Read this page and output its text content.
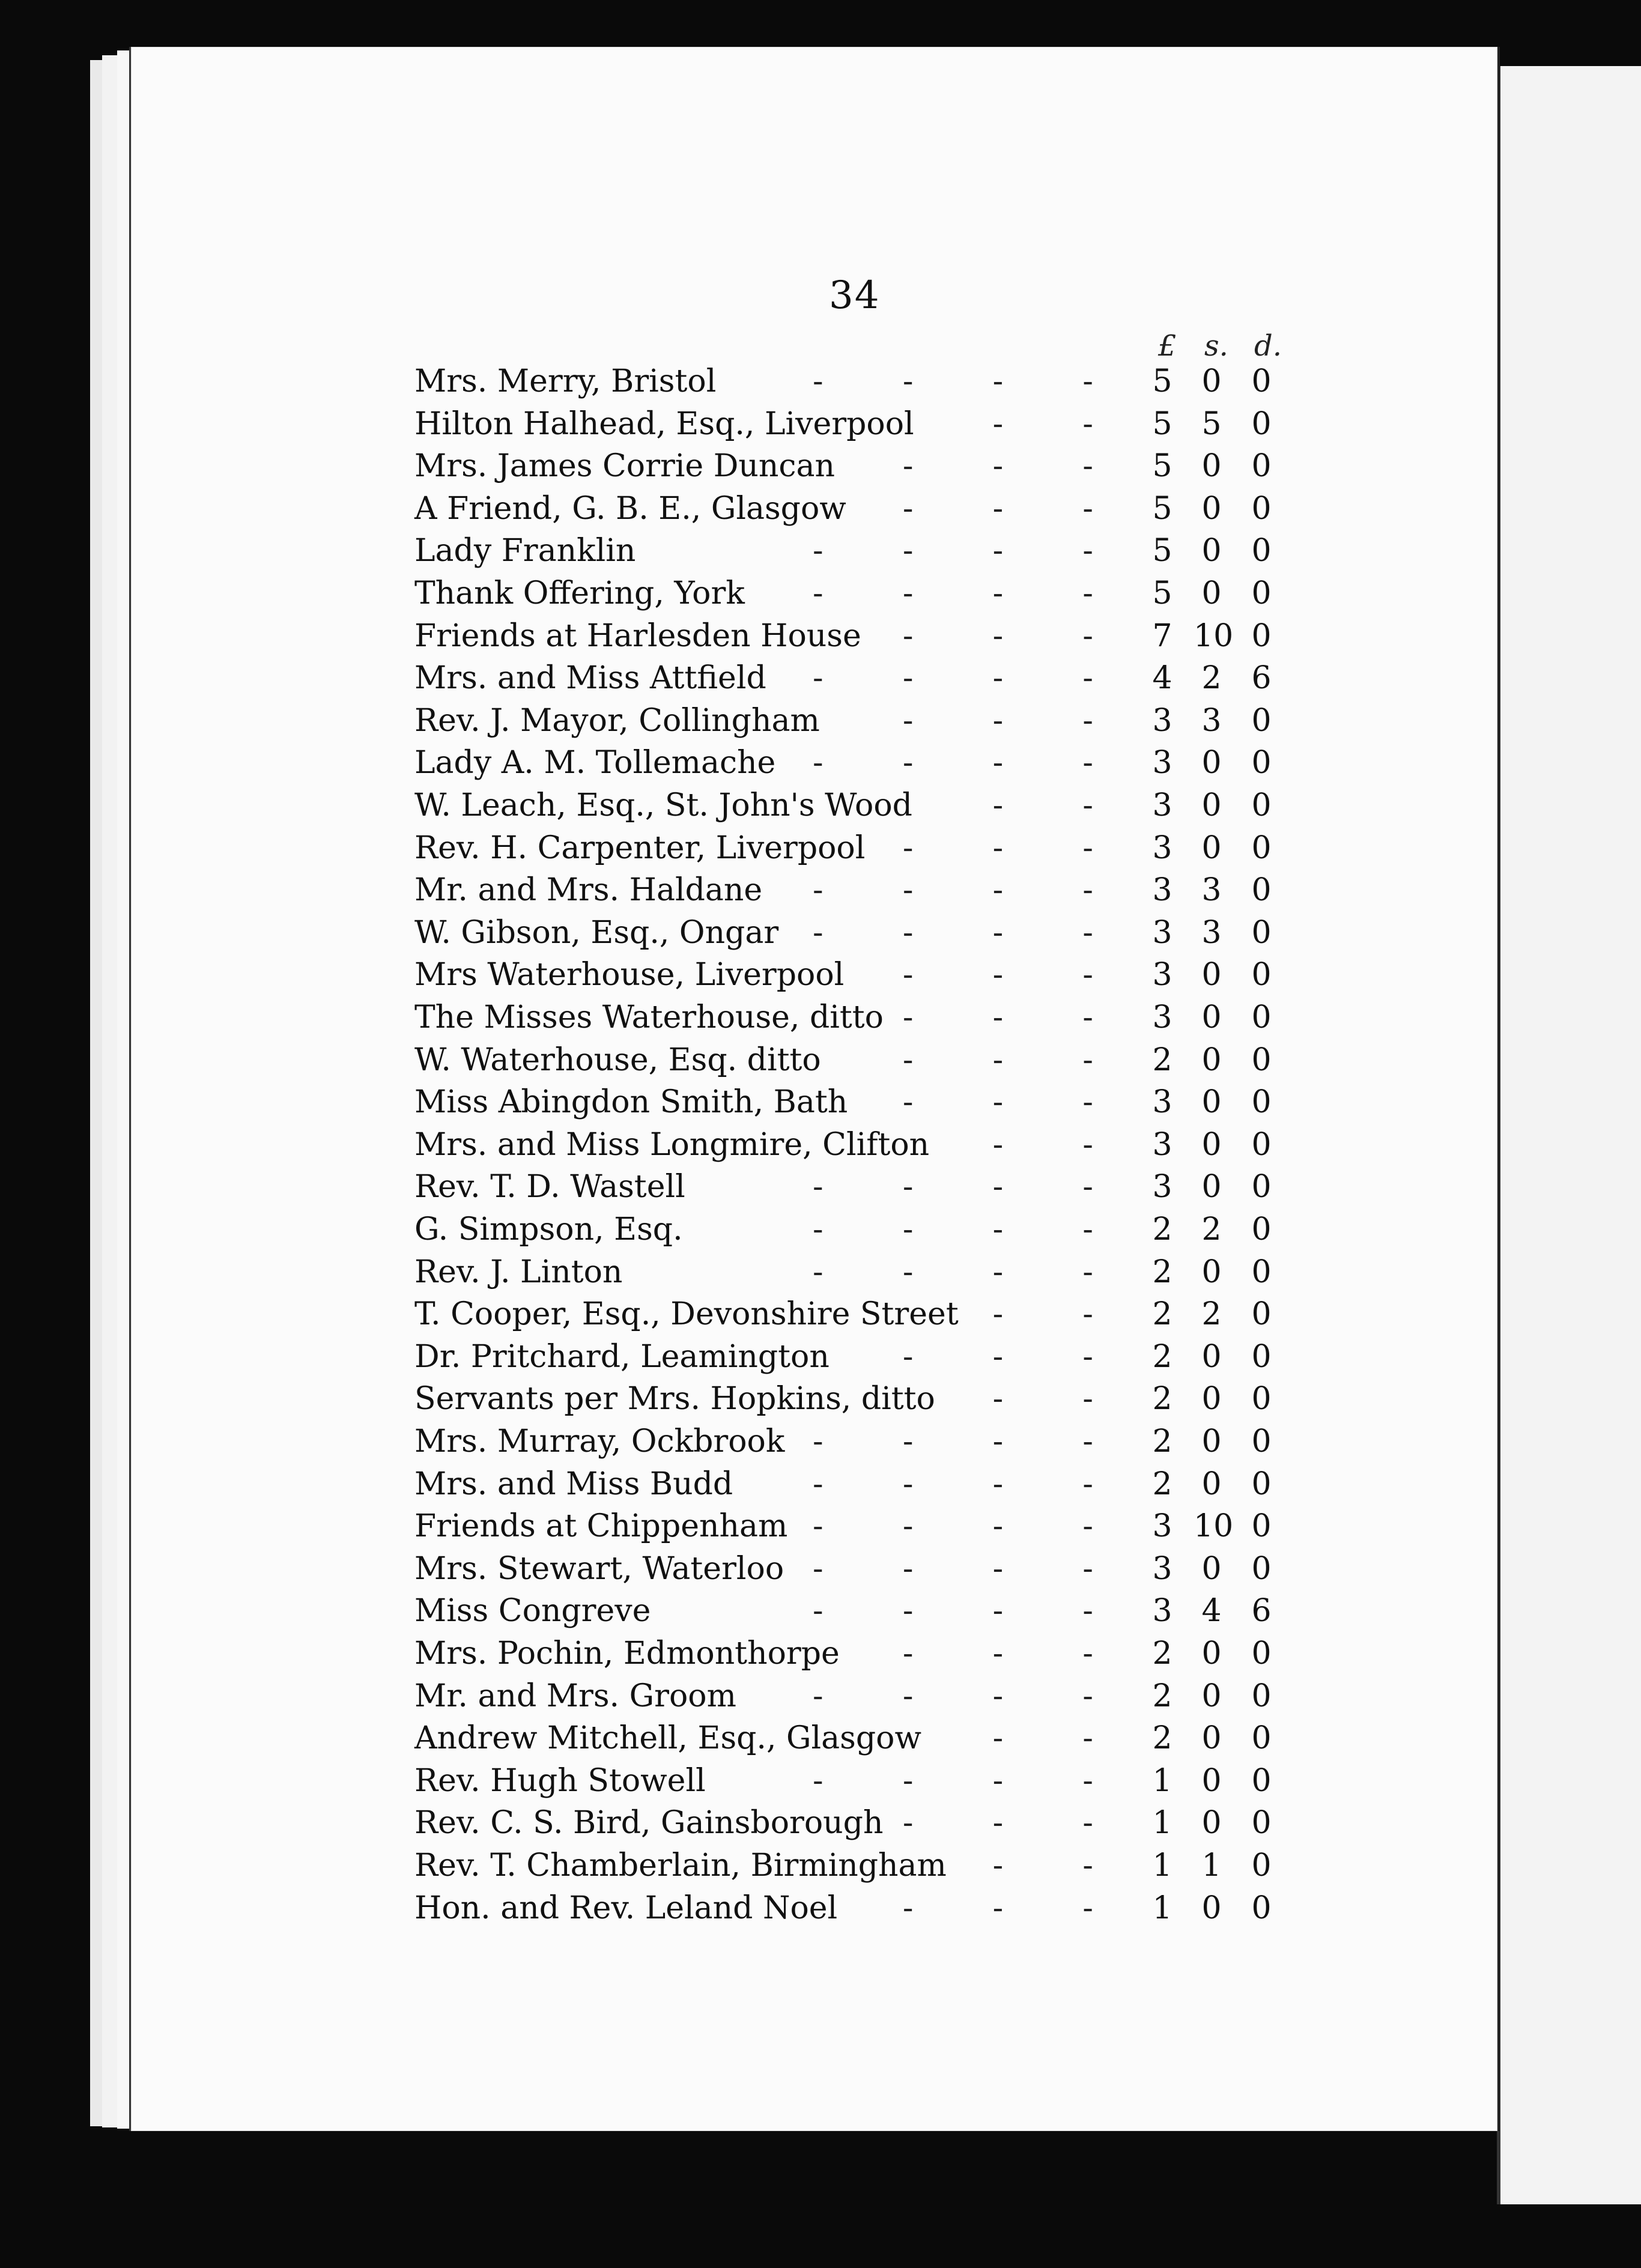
34
£ s. d.
-
Mrs. Merry, Bristol	5 0 0
-
Hilton Halhead, Esq., Liverpool	5 5 0
-
Mrs. James Corrie Duncan	5 0 0
-
A Friend, G. B. E., Glasgow	5 0 0
-
Lady Franklin	5 0 0
-
Thank Offering, York	5 0 0
-
Friends at Harlesden House	7 10 0
-
Mrs. and Miss Attfield	4 2 6
-
Rev. J. Mayor, Collingham	3 3 0
-
Lady A. M. Tollemache	3 0 0
-
W. Leach, Esq., St. John's Wood	3 0 0
-
Rev. H. Carpenter, Liverpool	3 0 0
-
Mr. and Mrs. Haldane	3 3 0
-
W. Gibson, Esq., Ongar	3 3 0
-
Mrs Waterhouse, Liverpool	3 0 0
-
The Misses Waterhouse, ditto	3 0 0
-
W. Waterhouse, Esq. ditto	2 0 0
-
Miss Abingdon Smith, Bath	3 0 0
-
Mrs. and Miss Longmire, Clifton	3 0 0
-
Rev. T. D. Wastell	3 0 0
-
G. Simpson, Esq.	2 2 0
-
Rev. J. Linton	2 0 0
-
T. Cooper, Esq., Devonshire Street	2 2 0
-
Dr. Pritchard, Leamington	2 0 0
-
Servants per Mrs. Hopkins, ditto	2 0 0
-
Mrs. Murray, Ockbrook	2 0 0
-
Mrs. and Miss Budd	2 0 0
-
Friends at Chippenham	3 10 0
-
Mrs. Stewart, Waterloo	3 0 0
-
Miss Congreve	3 4 6
-
Mrs. Pochin, Edmonthorpe	2 0 0
-
Mr. and Mrs. Groom	2 0 0
-
Andrew Mitchell, Esq., Glasgow	2 0 0
-
Rev. Hugh Stowell	1 0 0
-
Rev. C. S. Bird, Gainsborough	1 0 0
-
Rev. T. Chamberlain, Birmingham	1 1 0
-
Hon. and Rev. Leland Noel	1 0 0
